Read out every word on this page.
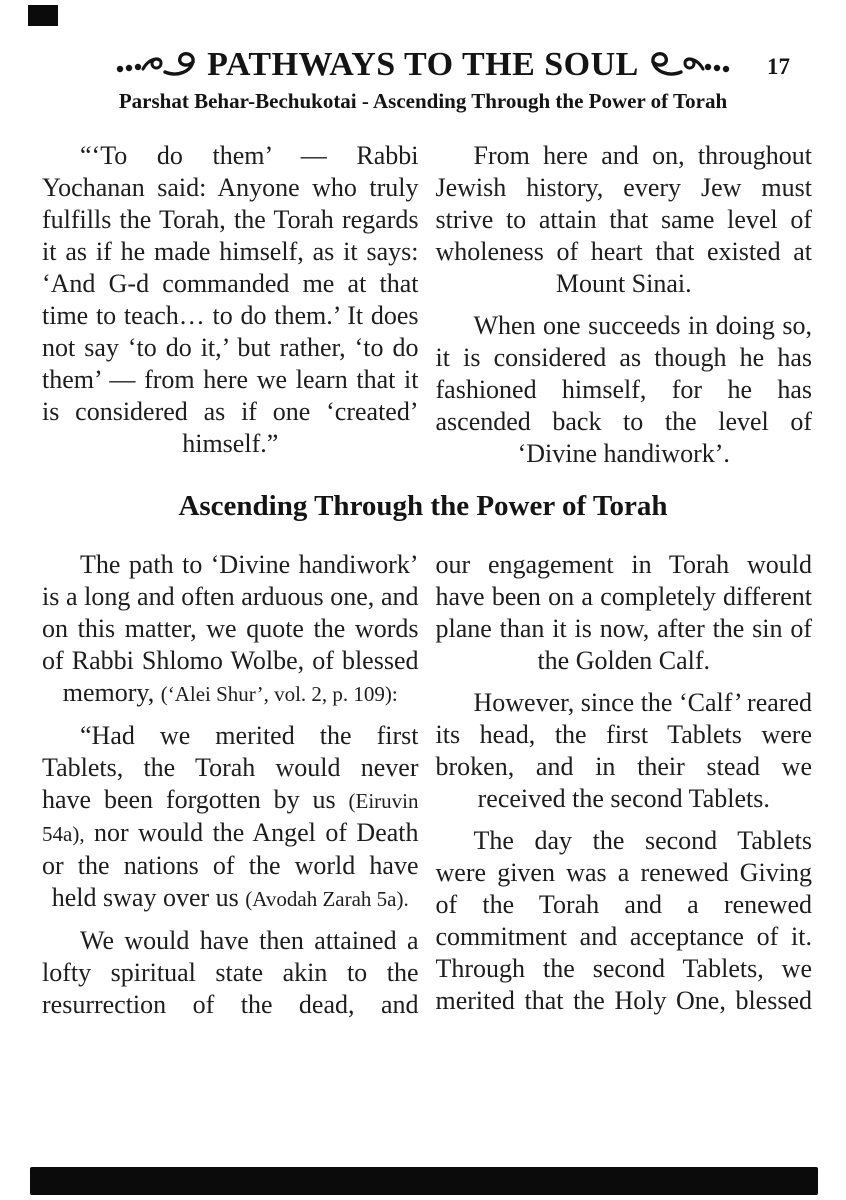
PATHWAYS TO THE SOUL	17
Parshat Behar-Bechukotai - Ascending Through the Power of Torah

“‘To do them’ — Rabbi Yochanan said: Anyone who truly fulfills the Torah, the Torah regards it as if he made himself, as it says: ‘And G-d commanded me at that time to teach… to do them.’ It does not say ‘to do it,’ but rather, ‘to do them’ — from here we learn that it is considered as if one ‘created’ himself.”

From here and on, throughout Jewish history, every Jew must strive to attain that same level of wholeness of heart that existed at Mount Sinai.

When one succeeds in doing so, it is considered as though he has fashioned himself, for he has ascended back to the level of ‘Divine handiwork’.

Ascending Through the Power of Torah

The path to ‘Divine handiwork’ is a long and often arduous one, and on this matter, we quote the words of Rabbi Shlomo Wolbe, of blessed memory, (‘Alei Shur’, vol. 2, p. 109):

“Had we merited the first Tablets, the Torah would never have been forgotten by us (Eiruvin 54a), nor would the Angel of Death or the nations of the world have held sway over us (Avodah Zarah 5a).

We would have then attained a lofty spiritual state akin to the resurrection of the dead, and

our engagement in Torah would have been on a completely different plane than it is now, after the sin of the Golden Calf.

However, since the ‘Calf’ reared its head, the first Tablets were broken, and in their stead we received the second Tablets.

The day the second Tablets were given was a renewed Giving of the Torah and a renewed commitment and acceptance of it. Through the second Tablets, we merited that the Holy One, blessed
